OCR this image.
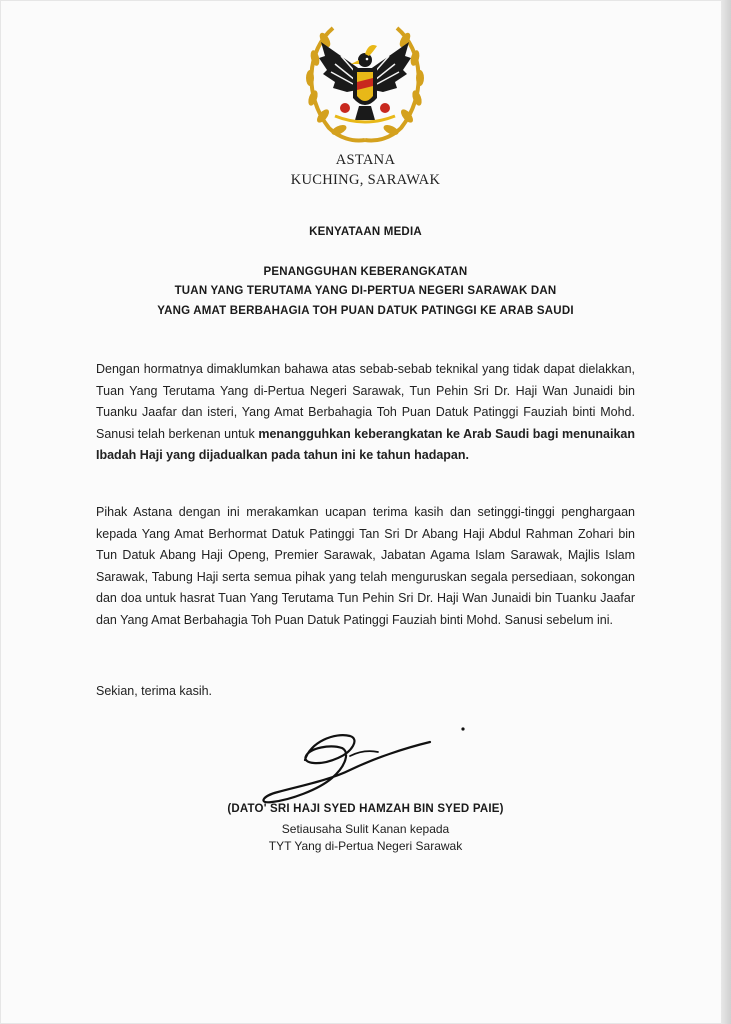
ASTANA
KUCHING, SARAWAK
KENYATAAN MEDIA
PENANGGUHAN KEBERANGKATAN
TUAN YANG TERUTAMA YANG DI-PERTUA NEGERI SARAWAK DAN
YANG AMAT BERBAHAGIA TOH PUAN DATUK PATINGGI KE ARAB SAUDI

Dengan hormatnya dimaklumkan bahawa atas sebab-sebab teknikal yang tidak dapat dielakkan, Tuan Yang Terutama Yang di-Pertua Negeri Sarawak, Tun Pehin Sri Dr. Haji Wan Junaidi bin Tuanku Jaafar dan isteri, Yang Amat Berbahagia Toh Puan Datuk Patinggi Fauziah binti Mohd. Sanusi telah berkenan untuk menangguhkan keberangkatan ke Arab Saudi bagi menunaikan Ibadah Haji yang dijadualkan pada tahun ini ke tahun hadapan.

Pihak Astana dengan ini merakamkan ucapan terima kasih dan setinggi-tinggi penghargaan kepada Yang Amat Berhormat Datuk Patinggi Tan Sri Dr Abang Haji Abdul Rahman Zohari bin Tun Datuk Abang Haji Openg, Premier Sarawak, Jabatan Agama Islam Sarawak, Majlis Islam Sarawak, Tabung Haji serta semua pihak yang telah menguruskan segala persediaan, sokongan dan doa untuk hasrat Tuan Yang Terutama Tun Pehin Sri Dr. Haji Wan Junaidi bin Tuanku Jaafar dan Yang Amat Berbahagia Toh Puan Datuk Patinggi Fauziah binti Mohd. Sanusi sebelum ini.

Sekian, terima kasih.

(DATO' SRI HAJI SYED HAMZAH BIN SYED PAIE)
Setiausaha Sulit Kanan kepada
TYT Yang di-Pertua Negeri Sarawak
